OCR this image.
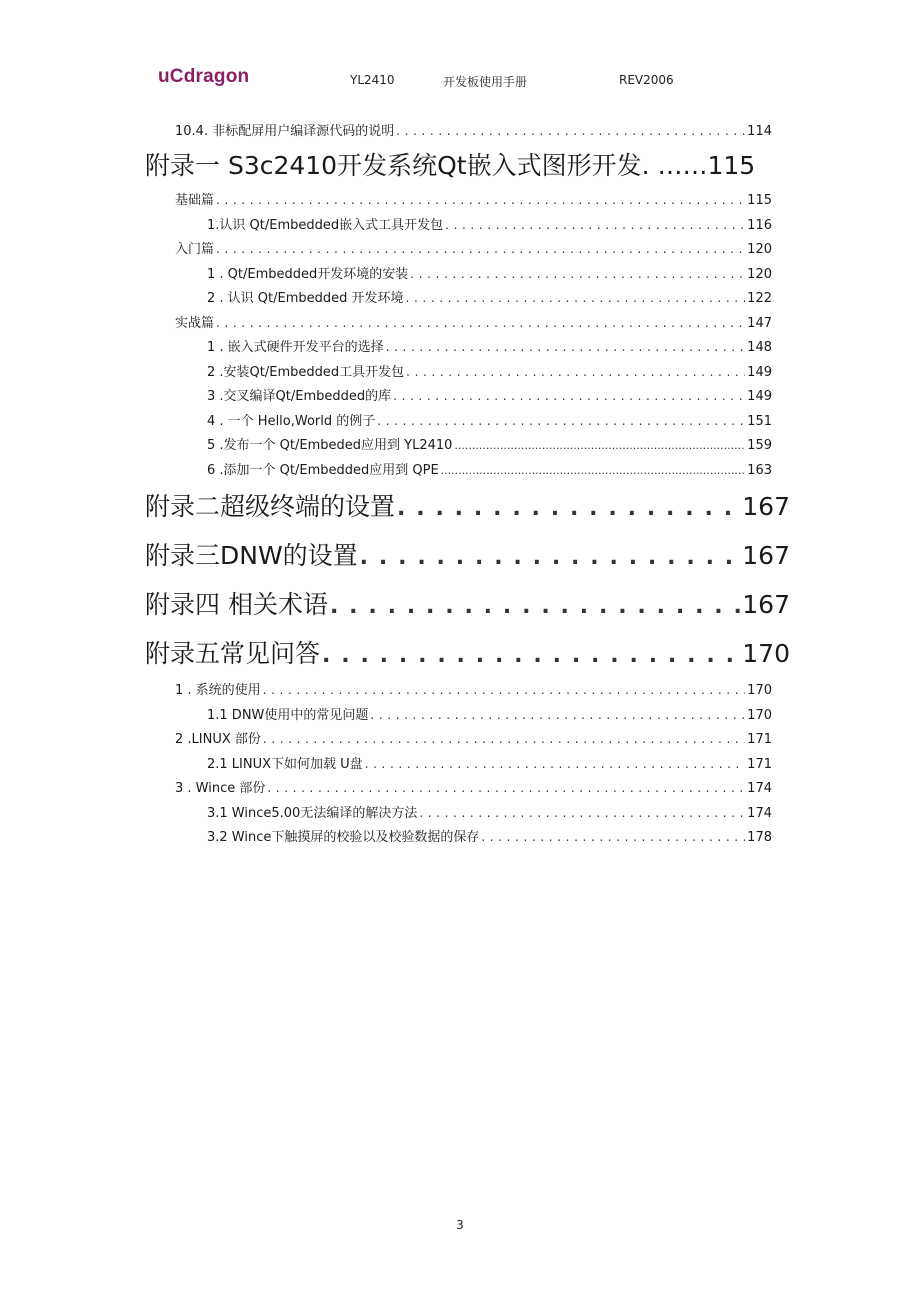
uCdragon	YL2410	开发板使用手册	REV2006
10.4. 非标配屏用户编译源代码的说明 . . .	114
附录一 S3c2410开发系统Qt嵌入式图形开发. ……115
基础篇 . . .	115
1.认识 Qt/Embedded嵌入式工具开发包 . . .	116
入门篇 . . .	120
1 . Qt/Embedded开发环境的安装 . . .	120
2 . 认识 Qt/Embedded 开发环境 . . .	122
实战篇 . . .	147
1 . 嵌入式硬件开发平台的选择 . . .	148
2 .安装Qt/Embedded工具开发包 . . .	149
3 .交叉编译Qt/Embedded的库 . . .	149
4 . 一个 Hello,World 的例子 . . .	151
5 .发布一个 Qt/Embeded应用到 YL2410 .....	159
6 .添加一个 Qt/Embedded应用到 QPE .....	163
附录二超级终端的设置 . . .	167
附录三DNW的设置 . . .	167
附录四 相关术语 . . .	167
附录五常见问答 . . .	170
1 . 系统的使用 . . .	170
1.1 DNW使用中的常见问题 . . .	170
2 .LINUX 部份 . . .	171
2.1 LINUX下如何加载 U盘 . . .	171
3 . Wince 部份 . . .	174
3.1 Wince5.00无法编译的解决方法 . . .	174
3.2 Wince下触摸屏的校验以及校验数据的保存 . . .	178
3
